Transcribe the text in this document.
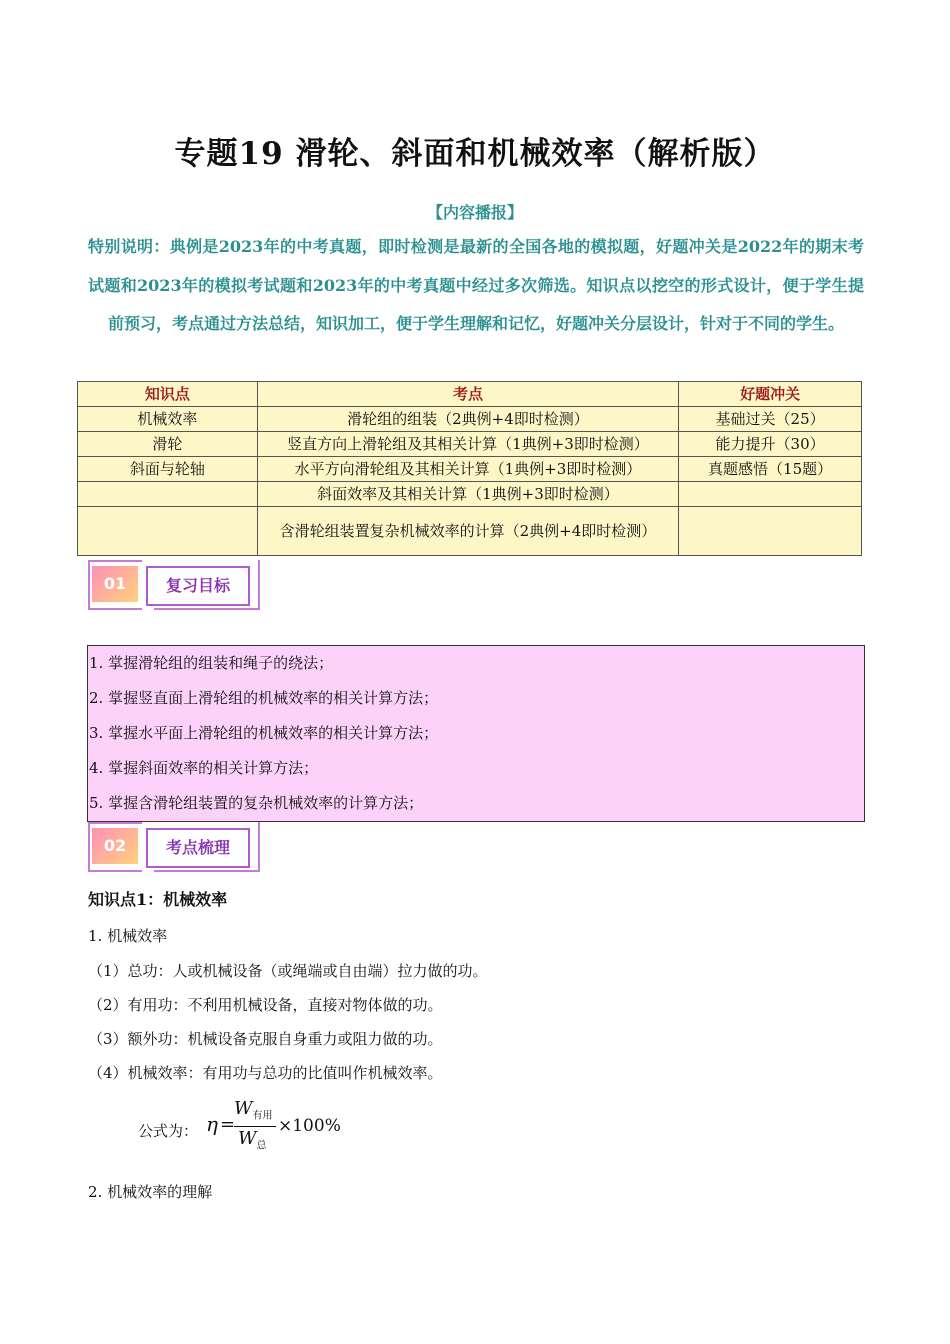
专题19 滑轮、斜面和机械效率（解析版）
【内容播报】
特别说明：典例是2023年的中考真题，即时检测是最新的全国各地的模拟题，好题冲关是2022年的期末考试题和2023年的模拟考试题和2023年的中考真题中经过多次筛选。知识点以挖空的形式设计，便于学生提前预习，考点通过方法总结，知识加工，便于学生理解和记忆，好题冲关分层设计，针对于不同的学生。
知识点	考点	好题冲关
机械效率	滑轮组的组装（2典例+4即时检测）	基础过关（25）
滑轮	竖直方向上滑轮组及其相关计算（1典例+3即时检测）	能力提升（30）
斜面与轮轴	水平方向滑轮组及其相关计算（1典例+3即时检测）	真题感悟（15题）
	斜面效率及其相关计算（1典例+3即时检测）	
	含滑轮组装置复杂机械效率的计算（2典例+4即时检测）	
01	复习目标
1. 掌握滑轮组的组装和绳子的绕法；
2. 掌握竖直面上滑轮组的机械效率的相关计算方法；
3. 掌握水平面上滑轮组的机械效率的相关计算方法；
4. 掌握斜面效率的相关计算方法；
5. 掌握含滑轮组装置的复杂机械效率的计算方法；
02	考点梳理
知识点1：机械效率
1. 机械效率
（1）总功：人或机械设备（或绳端或自由端）拉力做的功。
（2）有用功：不利用机械设备，直接对物体做的功。
（3）额外功：机械设备克服自身重力或阻力做的功。
（4）机械效率：有用功与总功的比值叫作机械效率。
公式为： η =
$W_{有用}$
$W_总$
×100%
2. 机械效率的理解
